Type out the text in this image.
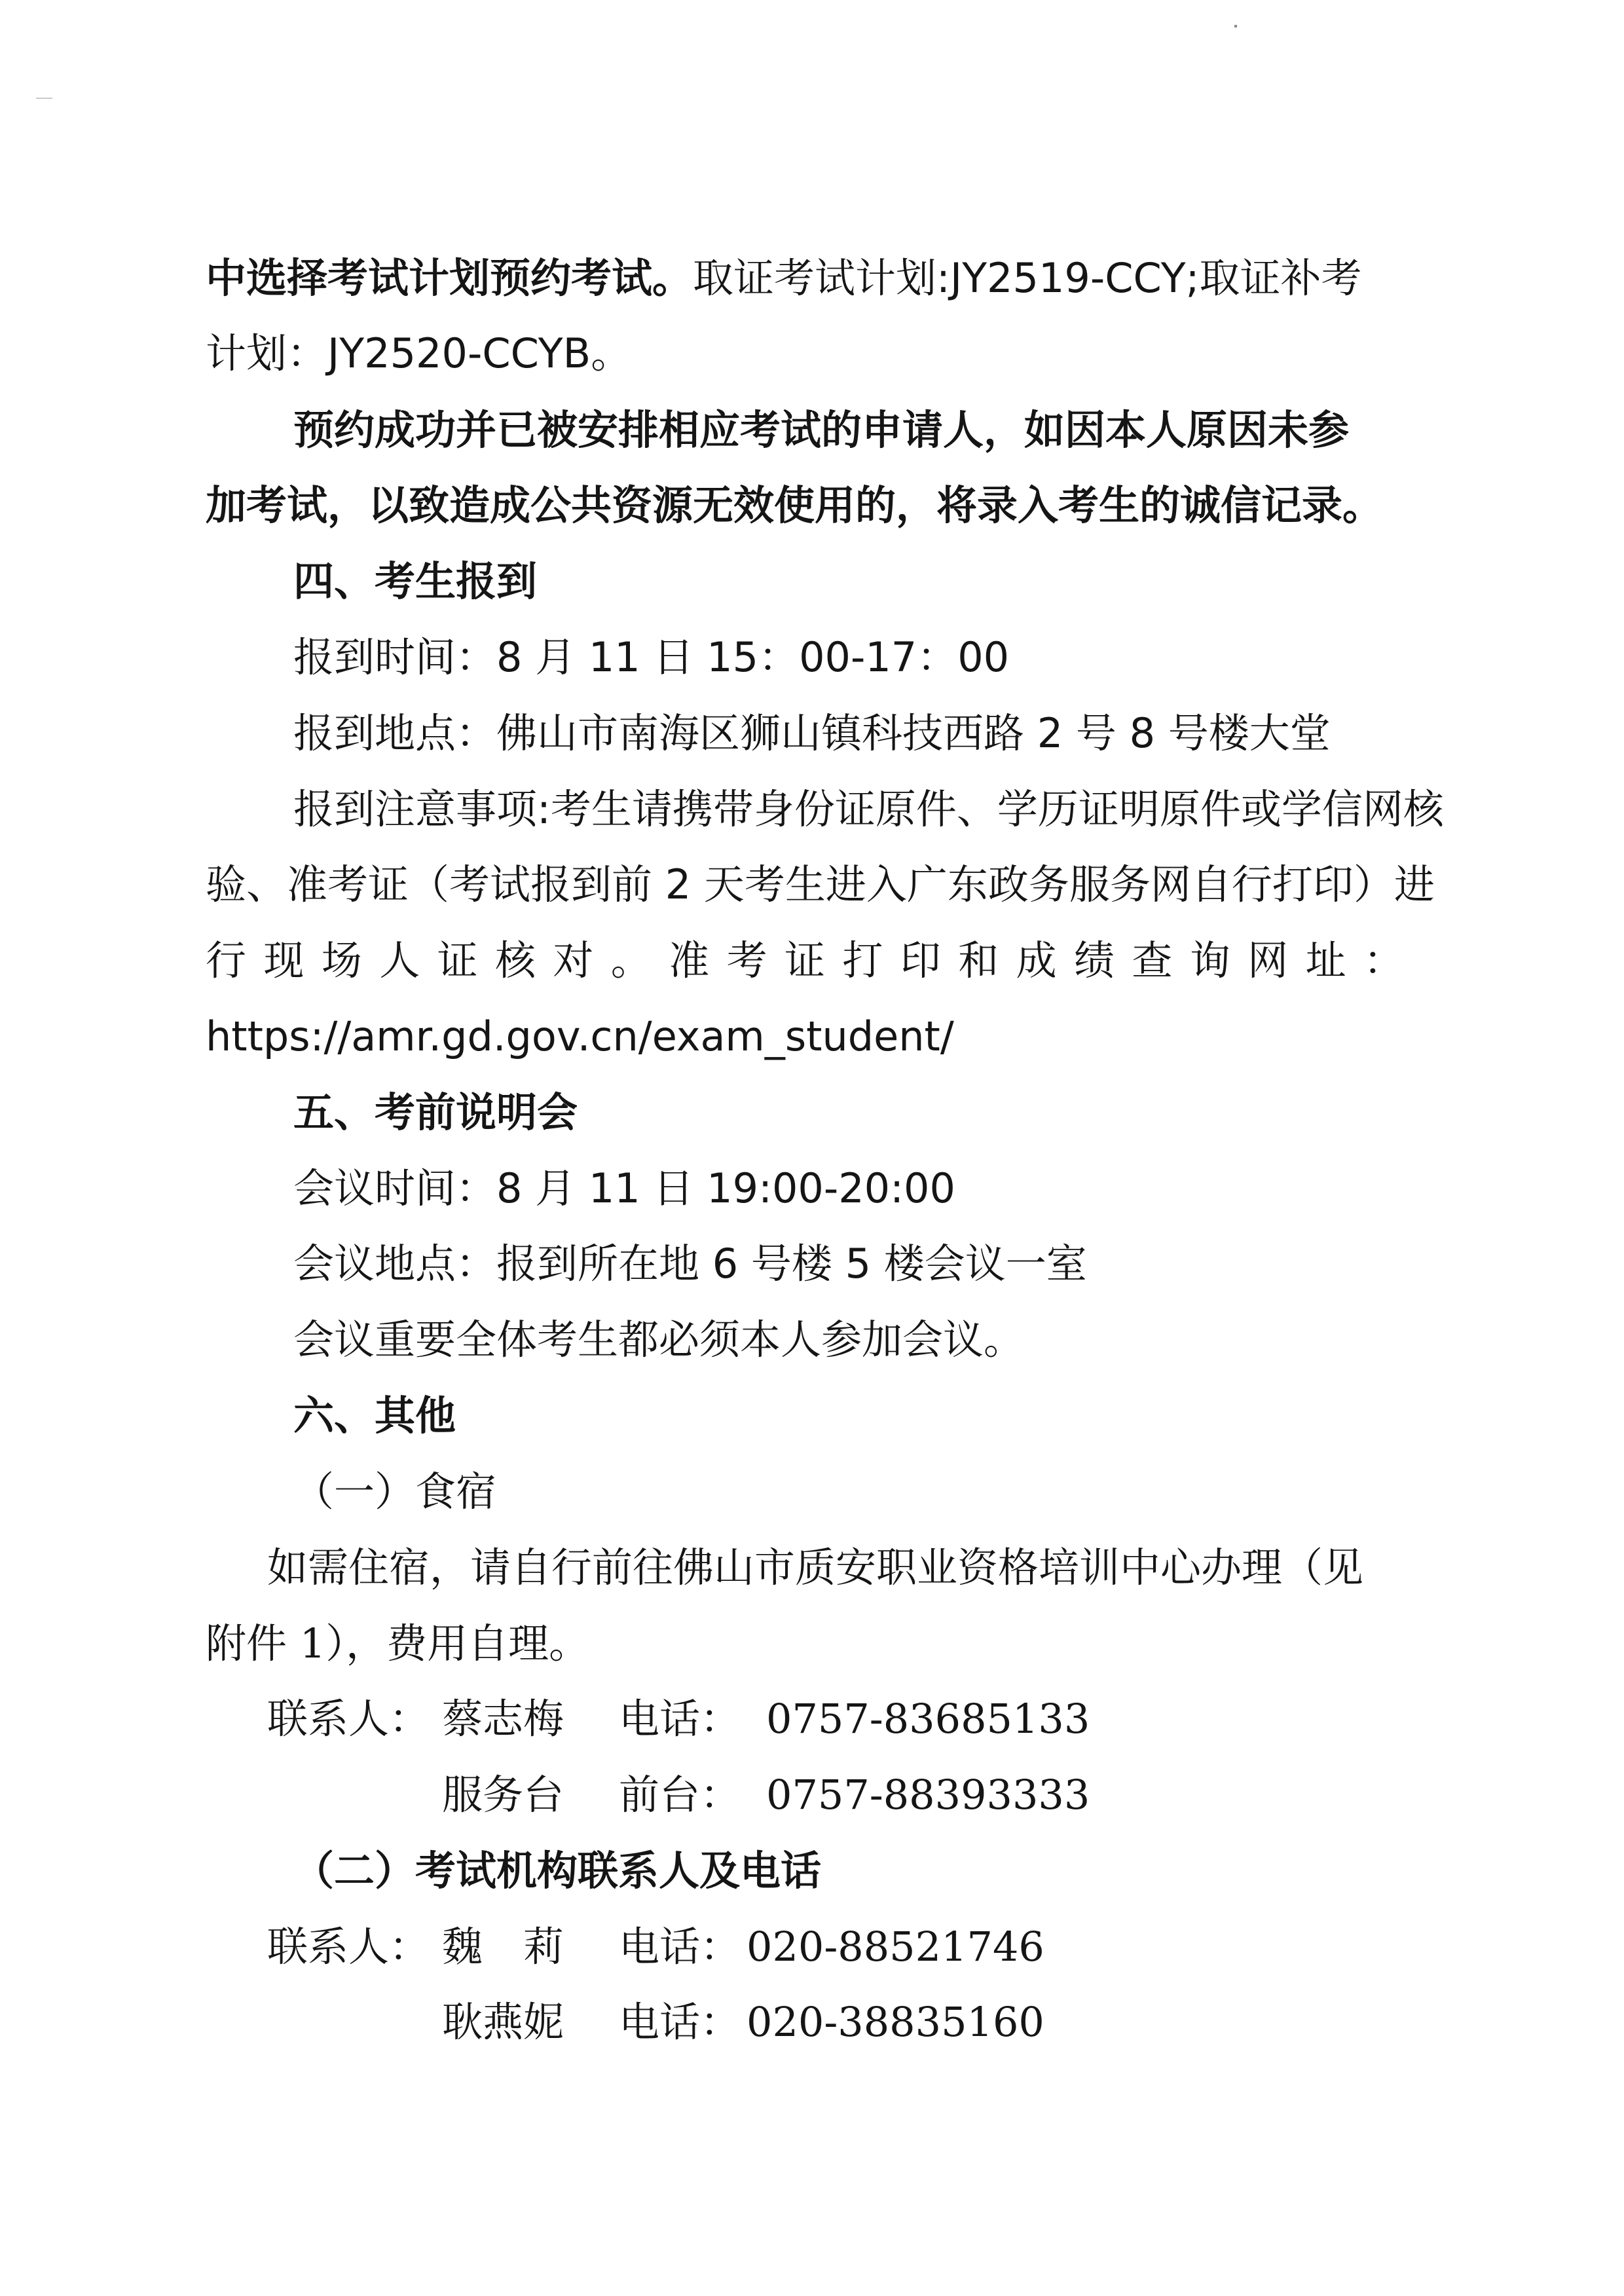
中选择考试计划预约考试。取证考试计划:JY2519-CCY;取证补考
计划：JY2520-CCYB。
预约成功并已被安排相应考试的申请人，如因本人原因未参
加考试，以致造成公共资源无效使用的，将录入考生的诚信记录。
四、考生报到
报到时间：8 月 11 日 15：00-17：00
报到地点：佛山市南海区狮山镇科技西路 2 号 8 号楼大堂
报到注意事项:考生请携带身份证原件、学历证明原件或学信网核
验、准考证（考试报到前 2 天考生进入广东政务服务网自行打印）进
行现场人证核对。准考证打印和成绩查询网址：
https://amr.gd.gov.cn/exam_student/
五、考前说明会
会议时间：8 月 11 日 19:00-20:00
会议地点：报到所在地 6 号楼 5 楼会议一室
会议重要全体考生都必须本人参加会议。
六、其他
（一）食宿
如需住宿，请自行前往佛山市质安职业资格培训中心办理（见
附件 1），费用自理。
联系人： 蔡志梅 电话： 0757-83685133
服务台 前台： 0757-88393333
（二）考试机构联系人及电话
联系人： 魏　莉 电话： 020-88521746
耿燕妮 电话： 020-38835160
